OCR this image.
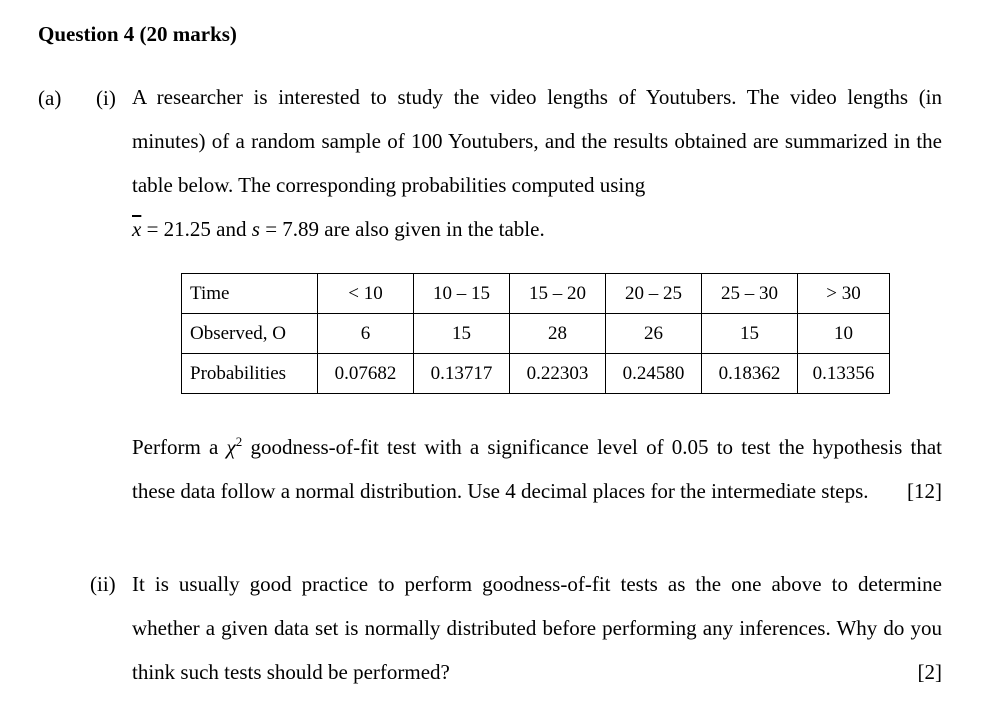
Question 4 (20 marks)
(a) (i) A researcher is interested to study the video lengths of Youtubers. The video lengths (in minutes) of a random sample of 100 Youtubers, and the results obtained are summarized in the table below. The corresponding probabilities computed using
$\overline{x} = 21.25$ and s = 7.89 are also given in the table.
Time	< 10	10 – 15	15 – 20	20 – 25	25 – 30	> 30
Observed, O	6	15	28	26	15	10
Probabilities	0.07682	0.13717	0.22303	0.24580	0.18362	0.13356
Perform a $\chi^2$ goodness-of-fit test with a significance level of 0.05 to test the hypothesis that these data follow a normal distribution. Use 4 decimal places for the intermediate steps. [12]
(ii) It is usually good practice to perform goodness-of-fit tests as the one above to determine whether a given data set is normally distributed before performing any inferences. Why do you think such tests should be performed?	[2]
